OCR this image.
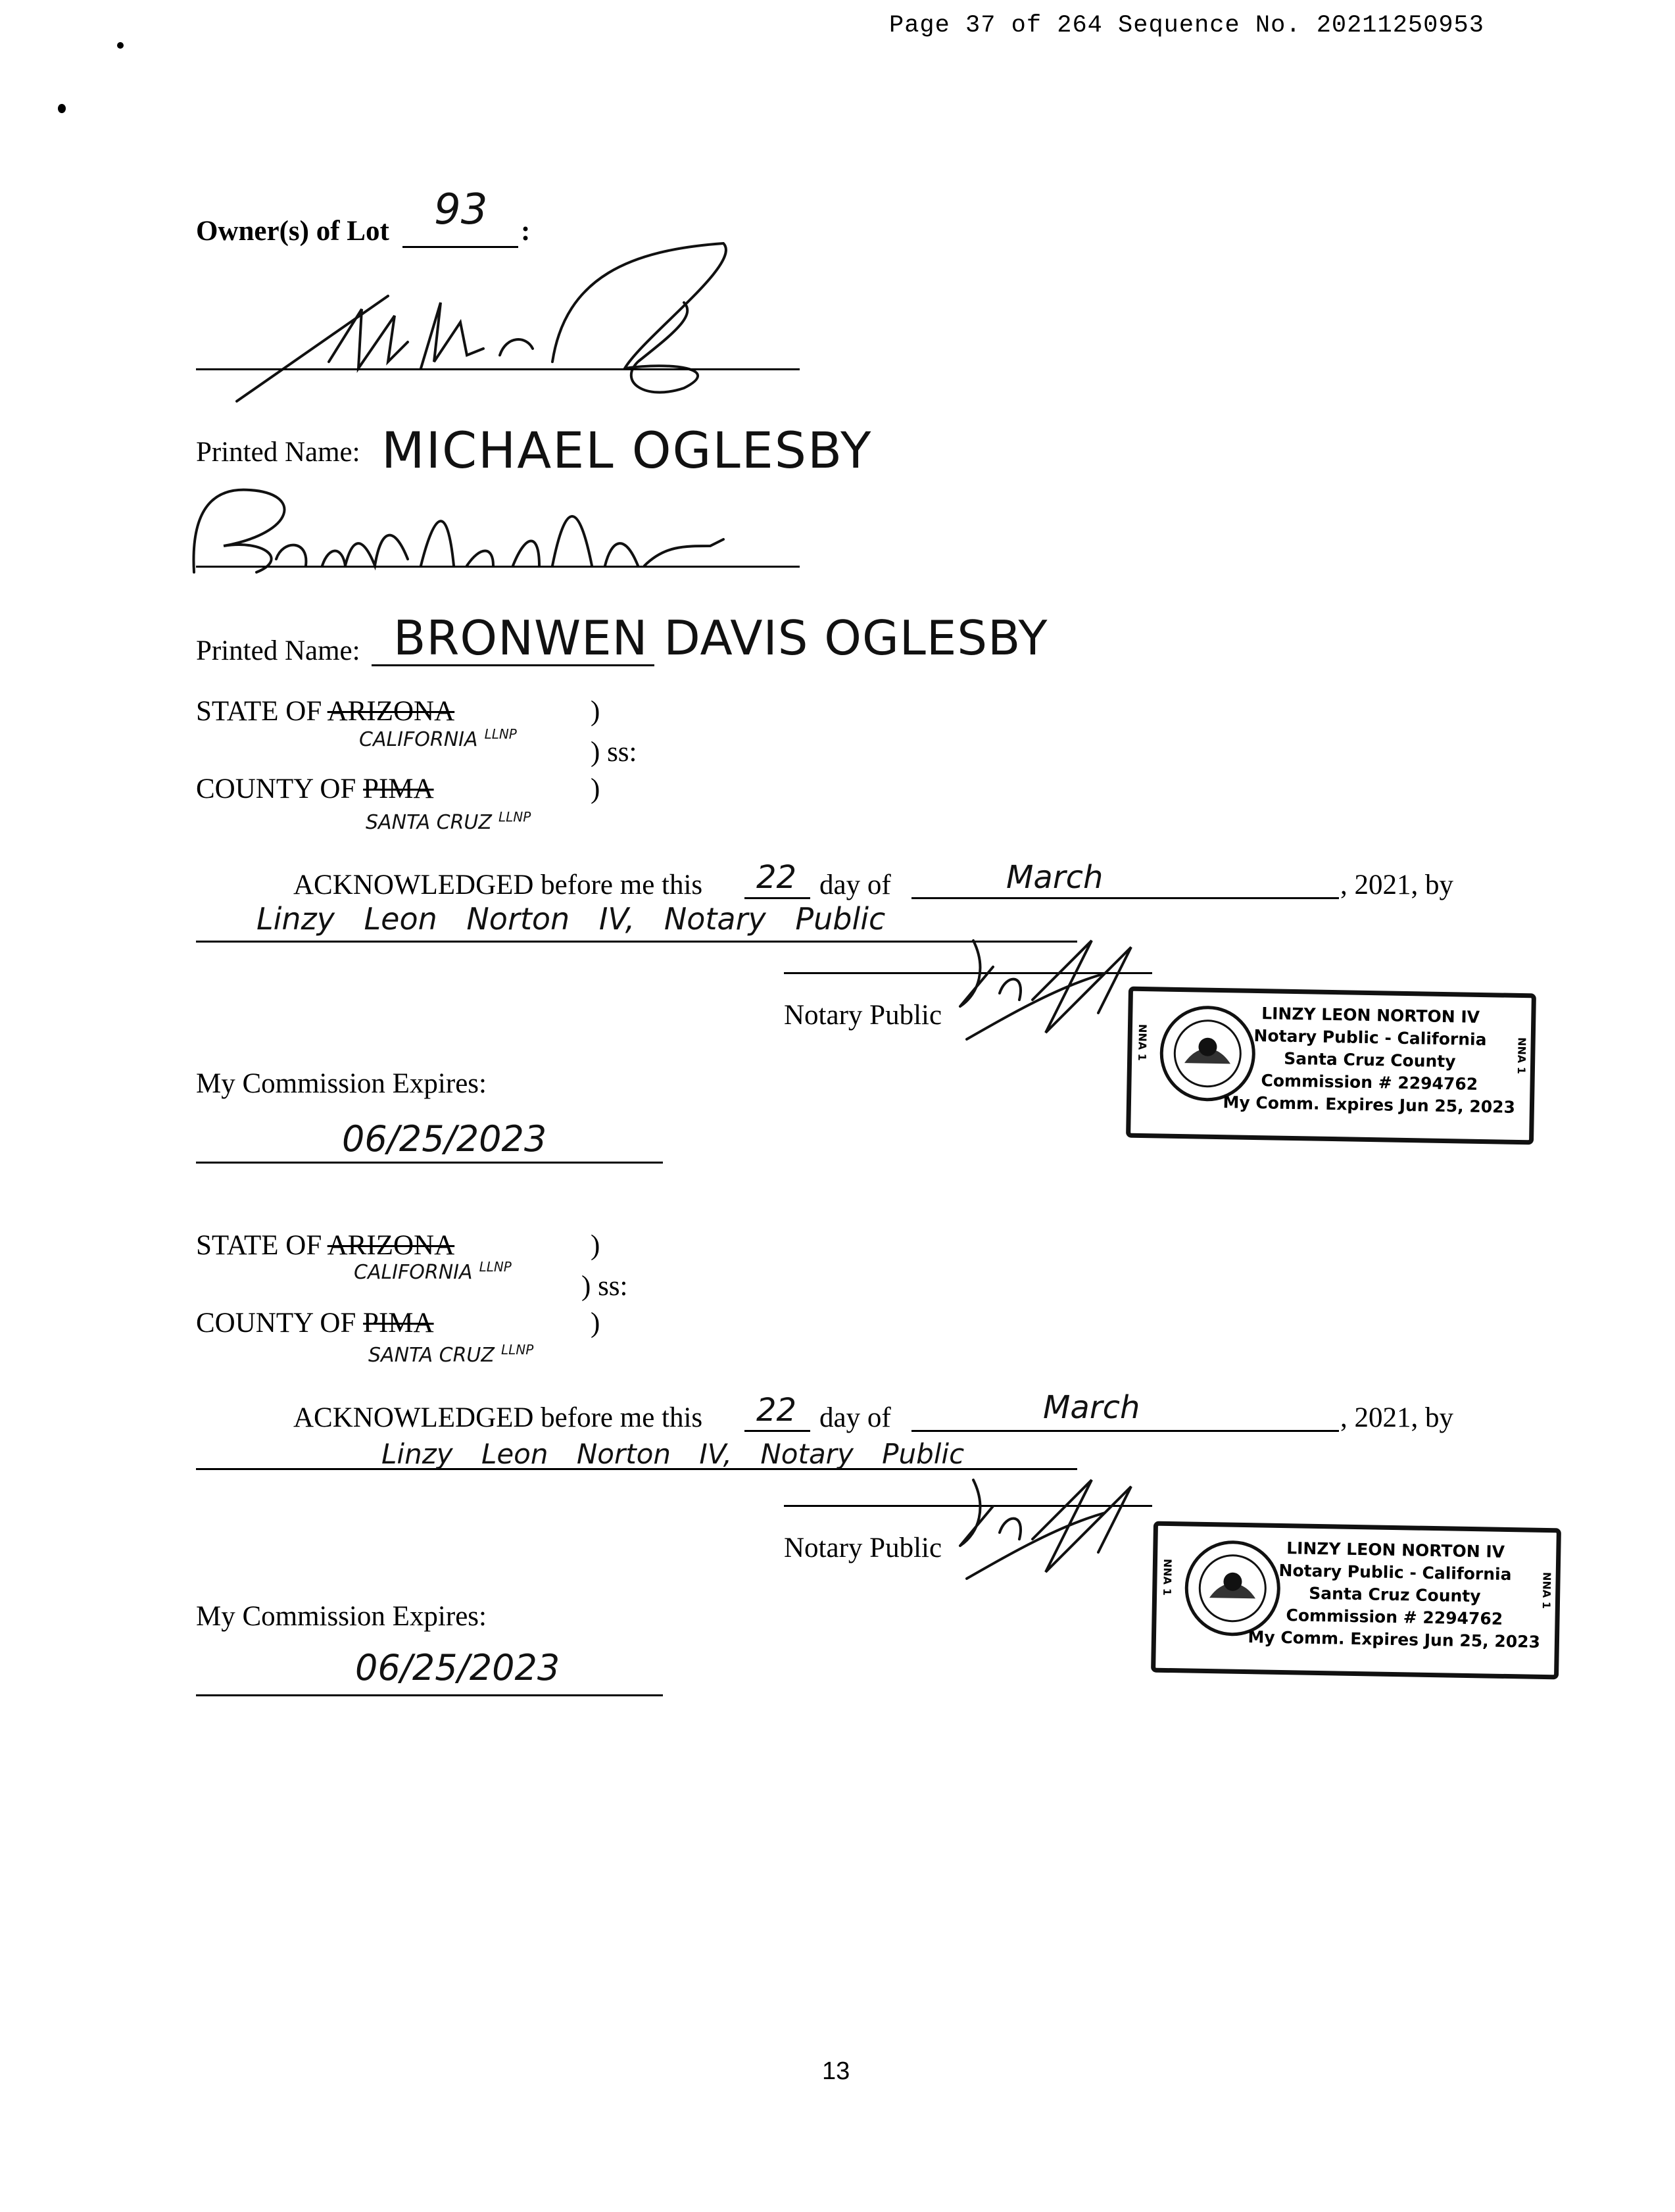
Page 37 of 264 Sequence No. 20211250953
Owner(s) of Lot 93 :
Printed Name: MICHAEL OGLESBY
Printed Name: BRONWEN DAVIS OGLESBY
STATE OF ARIZONA
CALIFORNIA $^{LLNP}$
)
) ss:
COUNTY OF PIMA	)
SANTA CRUZ $^{LLNP}$
ACKNOWLEDGED before me this 22 day of	March	, 2021, by
Linzy Leon Norton IV, Notary Public
Notary Public
NNA 1	NNA 1
LINZY LEON NORTON IV
Notary Public - California
Santa Cruz County
Commission # 2294762
My Comm. Expires Jun 25, 2023
My Commission Expires:
06/25/2023
STATE OF ARIZONA
CALIFORNIA $^{LLNP}$
)
) ss:
COUNTY OF PIMA	)
SANTA CRUZ $^{LLNP}$
ACKNOWLEDGED before me this 22 day of	March	, 2021, by
Linzy Leon Norton IV, Notary Public
Notary Public
NNA 1	NNA 1
LINZY LEON NORTON IV
Notary Public - California
Santa Cruz County
Commission # 2294762
My Comm. Expires Jun 25, 2023
My Commission Expires:
06/25/2023
13
